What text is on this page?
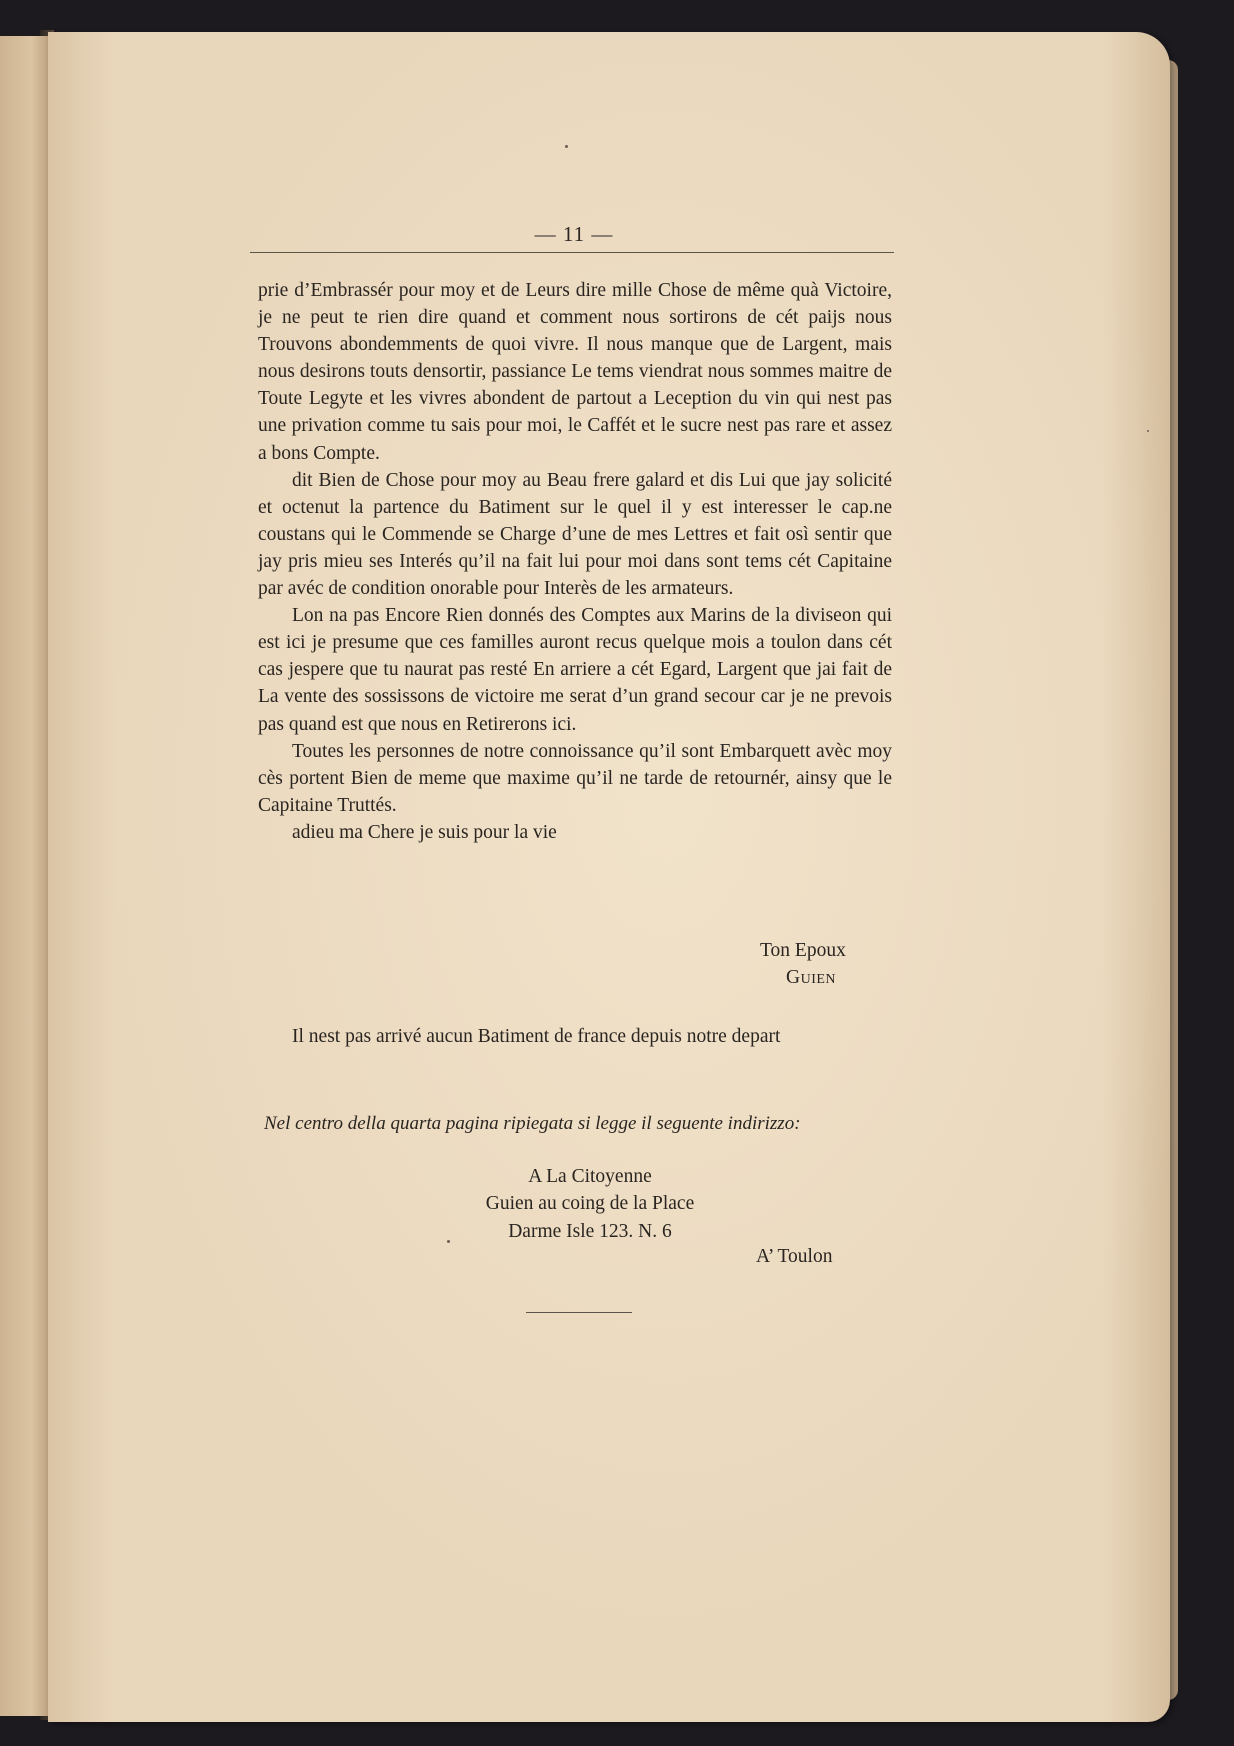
— 11 —

prie d’Embrassér pour moy et de Leurs dire mille Chose de même quà Victoire, je ne peut te rien dire quand et comment nous sortirons de cét paijs nous Trouvons abondemments de quoi vivre. Il nous manque que de Largent, mais nous desirons touts densortir, passiance Le tems viendrat nous sommes maitre de Toute Legyte et les vivres abondent de partout a Leception du vin qui nest pas une privation comme tu sais pour moi, le Caffét et le sucre nest pas rare et assez a bons Compte.

dit Bien de Chose pour moy au Beau frere galard et dis Lui que jay solicité et octenut la partence du Batiment sur le quel il y est interesser le cap.ne coustans qui le Commende se Charge d’une de mes Lettres et fait osì sentir que jay pris mieu ses Interés qu’il na fait lui pour moi dans sont tems cét Capitaine par avéc de condition onorable pour Interès de les armateurs.

Lon na pas Encore Rien donnés des Comptes aux Marins de la diviseon qui est ici je presume que ces familles auront recus quelque mois a toulon dans cét cas jespere que tu naurat pas resté En arriere a cét Egard, Largent que jai fait de La vente des sossissons de victoire me serat d’un grand secour car je ne prevois pas quand est que nous en Retirerons ici.

Toutes les personnes de notre connoissance qu’il sont Embarquett avèc moy cès portent Bien de meme que maxime qu’il ne tarde de retournér, ainsy que le Capitaine Truttés.

adieu ma Chere je suis pour la vie

Ton Epoux
Guien
Il nest pas arrivé aucun Batiment de france depuis notre depart
Nel centro della quarta pagina ripiegata si legge il seguente indirizzo:
A La Citoyenne
Guien au coing de la Place
Darme Isle 123. N. 6
A’ Toulon
